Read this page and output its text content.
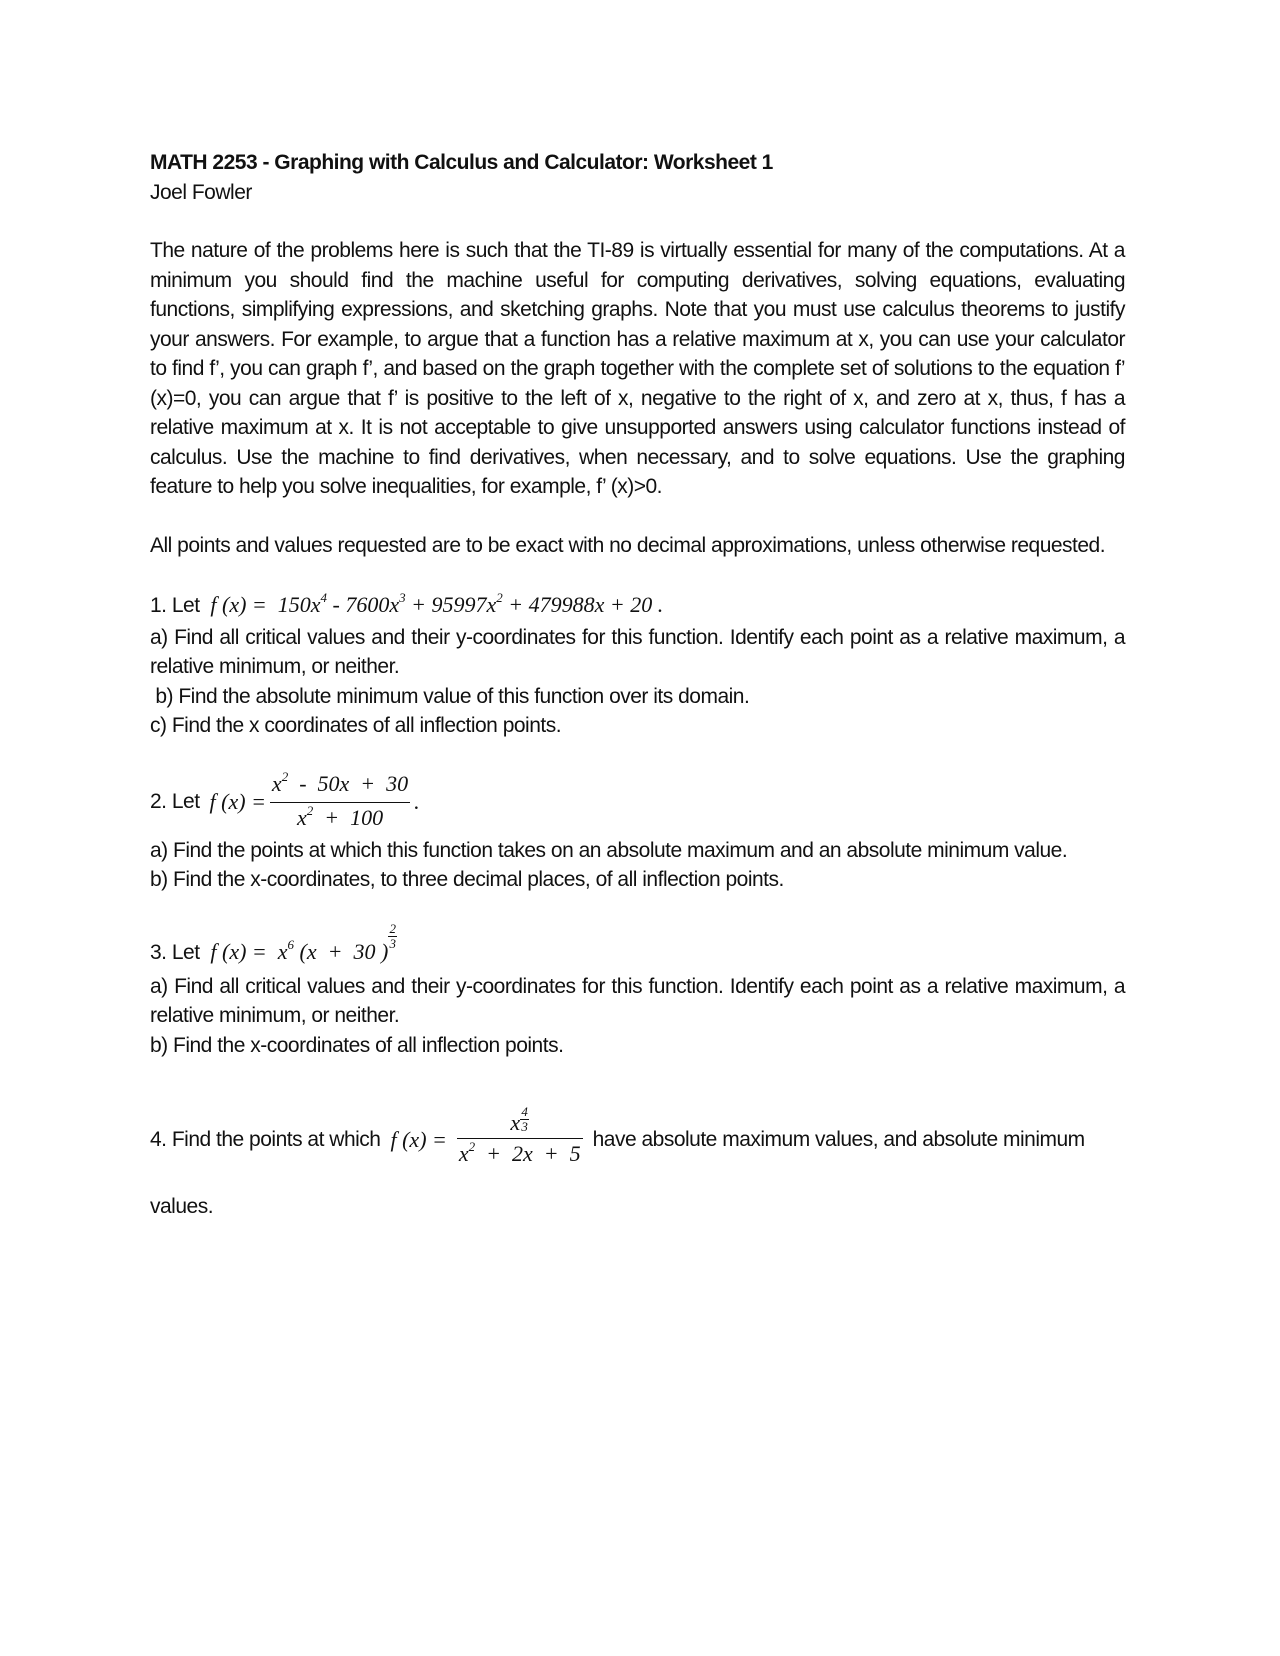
MATH 2253 - Graphing with Calculus and Calculator: Worksheet 1

Joel Fowler

The nature of the problems here is such that the TI-89 is virtually essential for many of the computations. At a minimum you should find the machine useful for computing derivatives, solving equations, evaluating functions, simplifying expressions, and sketching graphs. Note that you must use calculus theorems to justify your answers. For example, to argue that a function has a relative maximum at x, you can use your calculator to find f’, you can graph f’, and based on the graph together with the complete set of solutions to the equation f’ (x)=0, you can argue that f’ is positive to the left of x, negative to the right of x, and zero at x, thus, f has a relative maximum at x. It is not acceptable to give unsupported answers using calculator functions instead of calculus. Use the machine to find derivatives, when necessary, and to solve equations. Use the graphing feature to help you solve inequalities, for example, f’ (x)>0.

All points and values requested are to be exact with no decimal approximations, unless otherwise requested.

1. Let f $(x) = 150x^4 - 7600x^3 + 95997x^2 + 479988x + 20$ .

a) Find all critical values and their y-coordinates for this function. Identify each point as a relative maximum, a relative minimum, or neither.

b) Find the absolute minimum value of this function over its domain.

c) Find the x coordinates of all inflection points.

2. Let f $(x) = \frac{x^2 - 50x + 30}{x^2 + 100}$ .

a) Find the points at which this function takes on an absolute maximum and an absolute minimum value.

b) Find the x-coordinates, to three decimal places, of all inflection points.

3. Let f $(x) = x^6$ (x  +  30 )$\frac{2}{3}$

a) Find all critical values and their y-coordinates for this function. Identify each point as a relative maximum, a relative minimum, or neither.

b) Find the x-coordinates of all inflection points.

4. Find the points at which f $(x) = \frac{x\frac{4}{3}}{x^2 + 2x + 5}$ have absolute maximum values, and absolute minimum

values.
